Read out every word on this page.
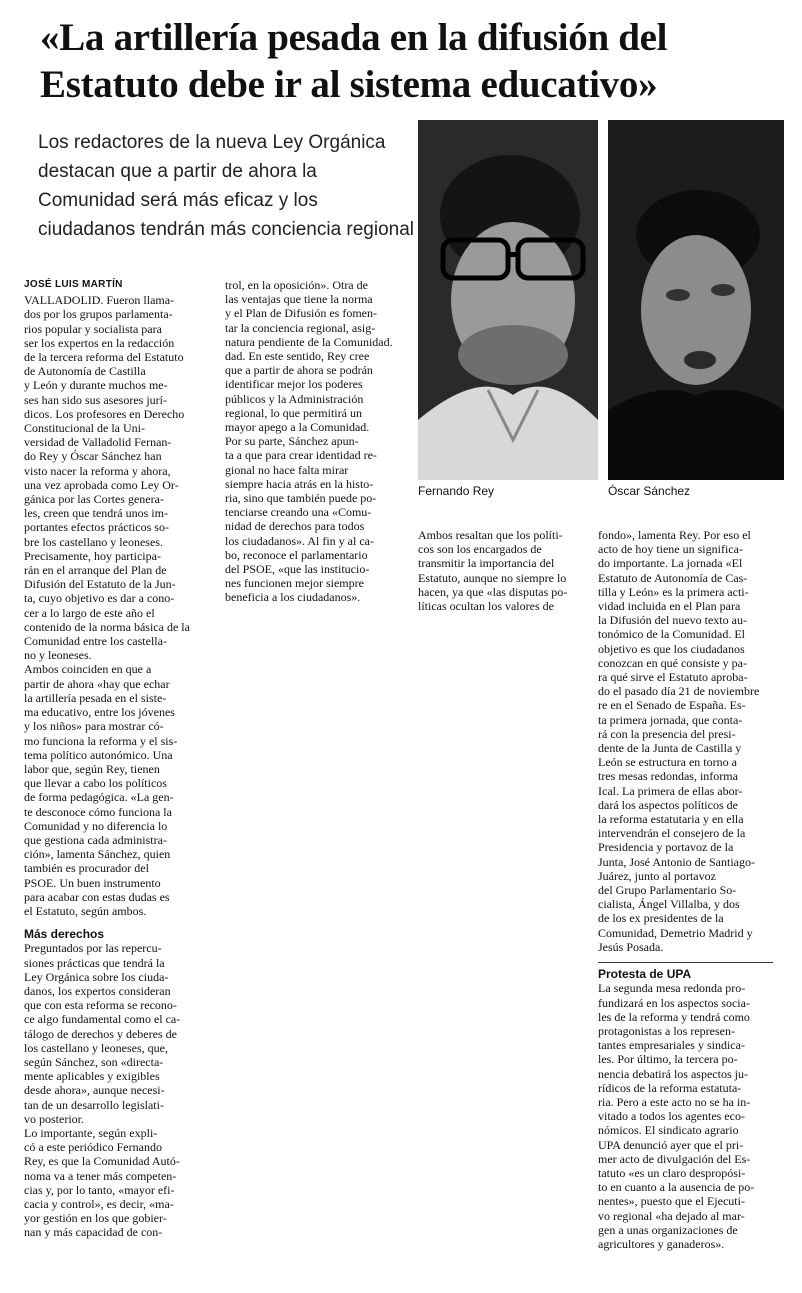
«La artillería pesada en la difusión del
Estatuto debe ir al sistema educativo»
Los redactores de la nueva Ley Orgánica
destacan que a partir de ahora la
Comunidad será más eficaz y los
ciudadanos tendrán más conciencia regional
Fernando Rey	Óscar Sánchez

JOSÉ LUIS MARTÍN

VALLADOLID. Fueron llama-

dos por los grupos parlamenta-

rios popular y socialista para

ser los expertos en la redacción

de la tercera reforma del Estatuto

de Autonomía de Castilla

y León y durante muchos me-

ses han sido sus asesores jurí-

dicos. Los profesores en Derecho

Constitucional de la Uni-

versidad de Valladolid Fernan-

do Rey y Óscar Sánchez han

visto nacer la reforma y ahora,

una vez aprobada como Ley Or-

gánica por las Cortes genera-

les, creen que tendrá unos im-

portantes efectos prácticos so-

bre los castellano y leoneses.

Precisamente, hoy participa-

rán en el arranque del Plan de

Difusión del Estatuto de la Jun-

ta, cuyo objetivo es dar a cono-

cer a lo largo de este año el

contenido de la norma básica de la

Comunidad entre los castella-

no y leoneses.

Ambos coinciden en que a

partir de ahora «hay que echar

la artillería pesada en el siste-

ma educativo, entre los jóvenes

y los niños» para mostrar có-

mo funciona la reforma y el sis-

tema político autonómico. Una

labor que, según Rey, tienen

que llevar a cabo los políticos

de forma pedagógica. «La gen-

te desconoce cómo funciona la

Comunidad y no diferencia lo

que gestiona cada administra-

ción», lamenta Sánchez, quien

también es procurador del

PSOE. Un buen instrumento

para acabar con estas dudas es

el Estatuto, según ambos.

Más derechos

Preguntados por las repercu-

siones prácticas que tendrá la

Ley Orgánica sobre los ciuda-

danos, los expertos consideran

que con esta reforma se recono-

ce algo fundamental como el ca-

tálogo de derechos y deberes de

los castellano y leoneses, que,

según Sánchez, son «directa-

mente aplicables y exigibles

desde ahora», aunque necesi-

tan de un desarrollo legislati-

vo posterior.

Lo importante, según expli-

có a este periódico Fernando

Rey, es que la Comunidad Autó-

noma va a tener más competen-

cias y, por lo tanto, «mayor efi-

cacia y control», es decir, «ma-

yor gestión en los que gobier-

nan y más capacidad de con-

trol, en la oposición». Otra de

las ventajas que tiene la norma

y el Plan de Difusión es fomen-

tar la conciencia regional, asig-

natura pendiente de la Comunidad.

dad. En este sentido, Rey cree

que a partir de ahora se podrán

identificar mejor los poderes

públicos y la Administración

regional, lo que permitirá un

mayor apego a la Comunidad.

Por su parte, Sánchez apun-

ta a que para crear identidad re-

gional no hace falta mirar

siempre hacia atrás en la histo-

ria, sino que también puede po-

tenciarse creando una «Comu-

nidad de derechos para todos

los ciudadanos». Al fin y al ca-

bo, reconoce el parlamentario

del PSOE, «que las institucio-

nes funcionen mejor siempre

beneficia a los ciudadanos».

Ambos resaltan que los políti-

cos son los encargados de

transmitir la importancia del

Estatuto, aunque no siempre lo

hacen, ya que «las disputas po-

líticas ocultan los valores de

fondo», lamenta Rey. Por eso el

acto de hoy tiene un significa-

do importante. La jornada «El

Estatuto de Autonomía de Cas-

tilla y León» es la primera acti-

vidad incluida en el Plan para

la Difusión del nuevo texto au-

tonómico de la Comunidad. El

objetivo es que los ciudadanos

conozcan en qué consiste y pa-

ra qué sirve el Estatuto aproba-

do el pasado día 21 de noviembre

re en el Senado de España. Es-

ta primera jornada, que conta-

rá con la presencia del presi-

dente de la Junta de Castilla y

León se estructura en torno a

tres mesas redondas, informa

Ical. La primera de ellas abor-

dará los aspectos políticos de

la reforma estatutaria y en ella

intervendrán el consejero de la

Presidencia y portavoz de la

Junta, José Antonio de Santiago-

Juárez, junto al portavoz

del Grupo Parlamentario So-

cialista, Ángel Villalba, y dos

de los ex presidentes de la

Comunidad, Demetrio Madrid y

Jesús Posada.

Protesta de UPA

La segunda mesa redonda pro-

fundizará en los aspectos socia-

les de la reforma y tendrá como

protagonistas a los represen-

tantes empresariales y sindica-

les. Por último, la tercera po-

nencia debatirá los aspectos ju-

rídicos de la reforma estatuta-

ria. Pero a este acto no se ha in-

vitado a todos los agentes eco-

nómicos. El sindicato agrario

UPA denunció ayer que el pri-

mer acto de divulgación del Es-

tatuto «es un claro despropósi-

to en cuanto a la ausencia de po-

nentes», puesto que el Ejecuti-

vo regional «ha dejado al mar-

gen a unas organizaciones de

agricultores y ganaderos».
